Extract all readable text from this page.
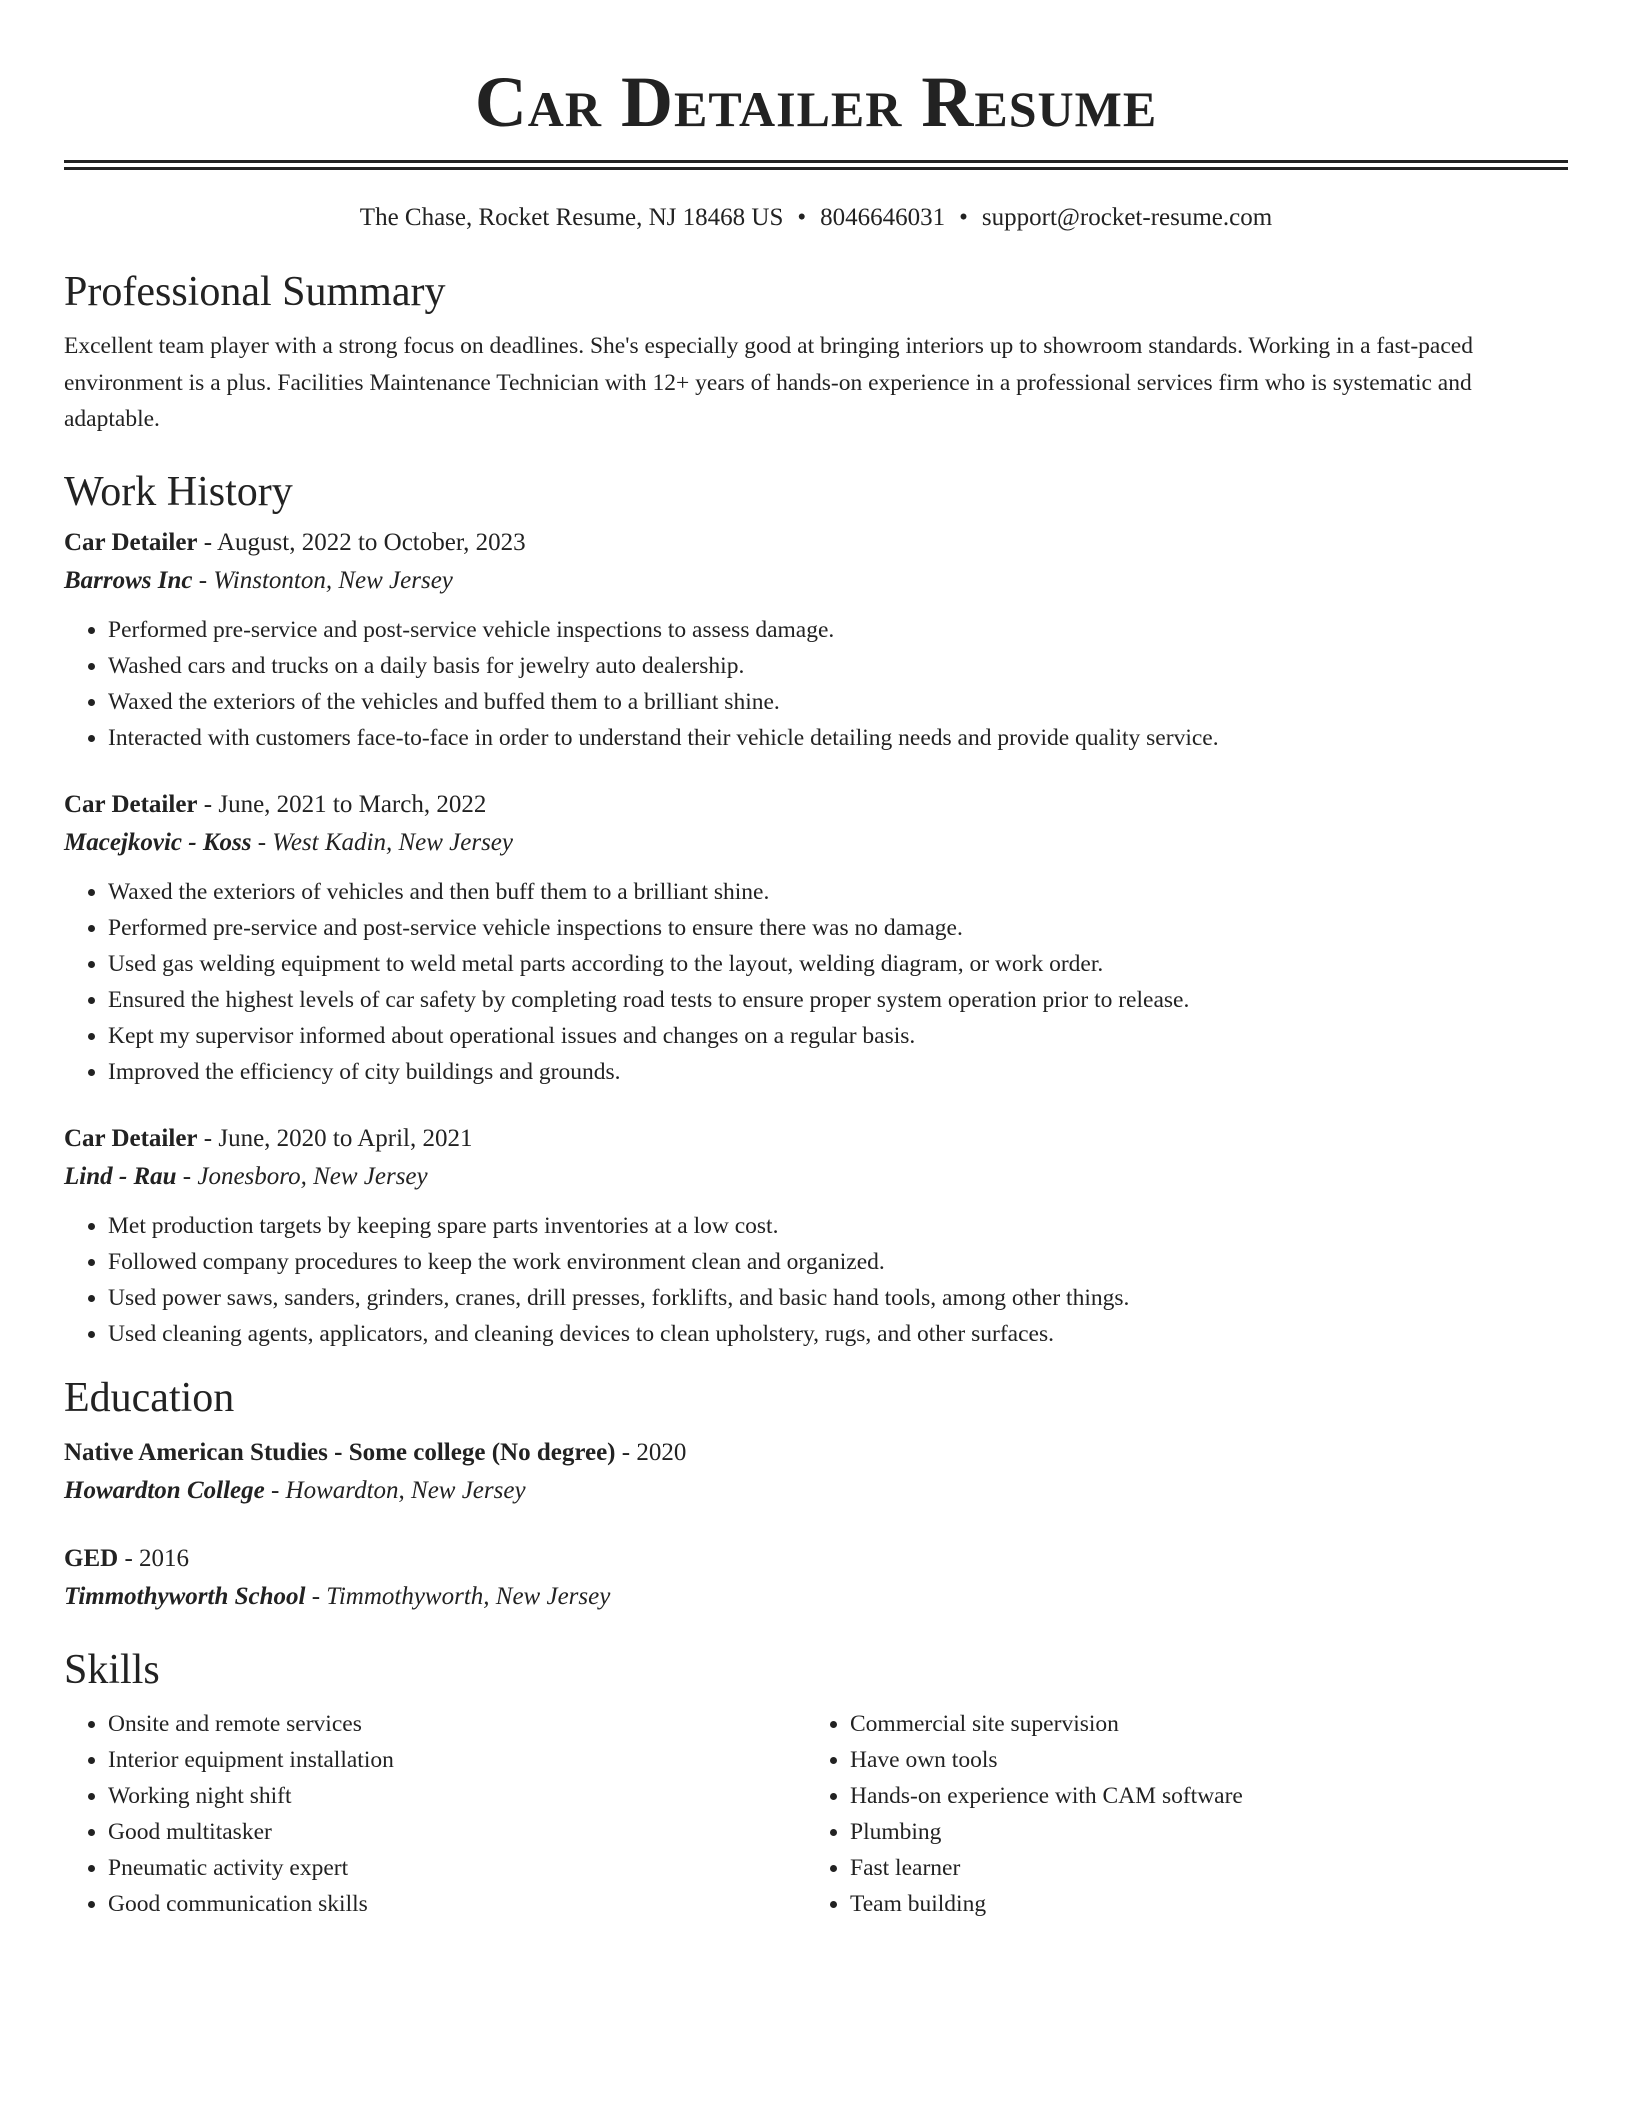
Car Detailer Resume
The Chase, Rocket Resume, NJ 18468 US • 8046646031 • support@rocket-resume.com
Professional Summary
Excellent team player with a strong focus on deadlines. She's especially good at bringing interiors up to showroom standards. Working in a fast-paced environment is a plus. Facilities Maintenance Technician with 12+ years of hands-on experience in a professional services firm who is systematic and adaptable.
Work History
Car Detailer - August, 2022 to October, 2023
Barrows Inc - Winstonton, New Jersey
• Performed pre-service and post-service vehicle inspections to assess damage.
• Washed cars and trucks on a daily basis for jewelry auto dealership.
• Waxed the exteriors of the vehicles and buffed them to a brilliant shine.
• Interacted with customers face-to-face in order to understand their vehicle detailing needs and provide quality service.
Car Detailer - June, 2021 to March, 2022
Macejkovic - Koss - West Kadin, New Jersey
• Waxed the exteriors of vehicles and then buff them to a brilliant shine.
• Performed pre-service and post-service vehicle inspections to ensure there was no damage.
• Used gas welding equipment to weld metal parts according to the layout, welding diagram, or work order.
• Ensured the highest levels of car safety by completing road tests to ensure proper system operation prior to release.
• Kept my supervisor informed about operational issues and changes on a regular basis.
• Improved the efficiency of city buildings and grounds.
Car Detailer - June, 2020 to April, 2021
Lind - Rau - Jonesboro, New Jersey
• Met production targets by keeping spare parts inventories at a low cost.
• Followed company procedures to keep the work environment clean and organized.
• Used power saws, sanders, grinders, cranes, drill presses, forklifts, and basic hand tools, among other things.
• Used cleaning agents, applicators, and cleaning devices to clean upholstery, rugs, and other surfaces.
Education
Native American Studies - Some college (No degree) - 2020
Howardton College - Howardton, New Jersey
GED - 2016
Timmothyworth School - Timmothyworth, New Jersey
Skills
• Onsite and remote services
• Interior equipment installation
• Working night shift
• Good multitasker
• Pneumatic activity expert
• Good communication skills
• Commercial site supervision
• Have own tools
• Hands-on experience with CAM software
• Plumbing
• Fast learner
• Team building
